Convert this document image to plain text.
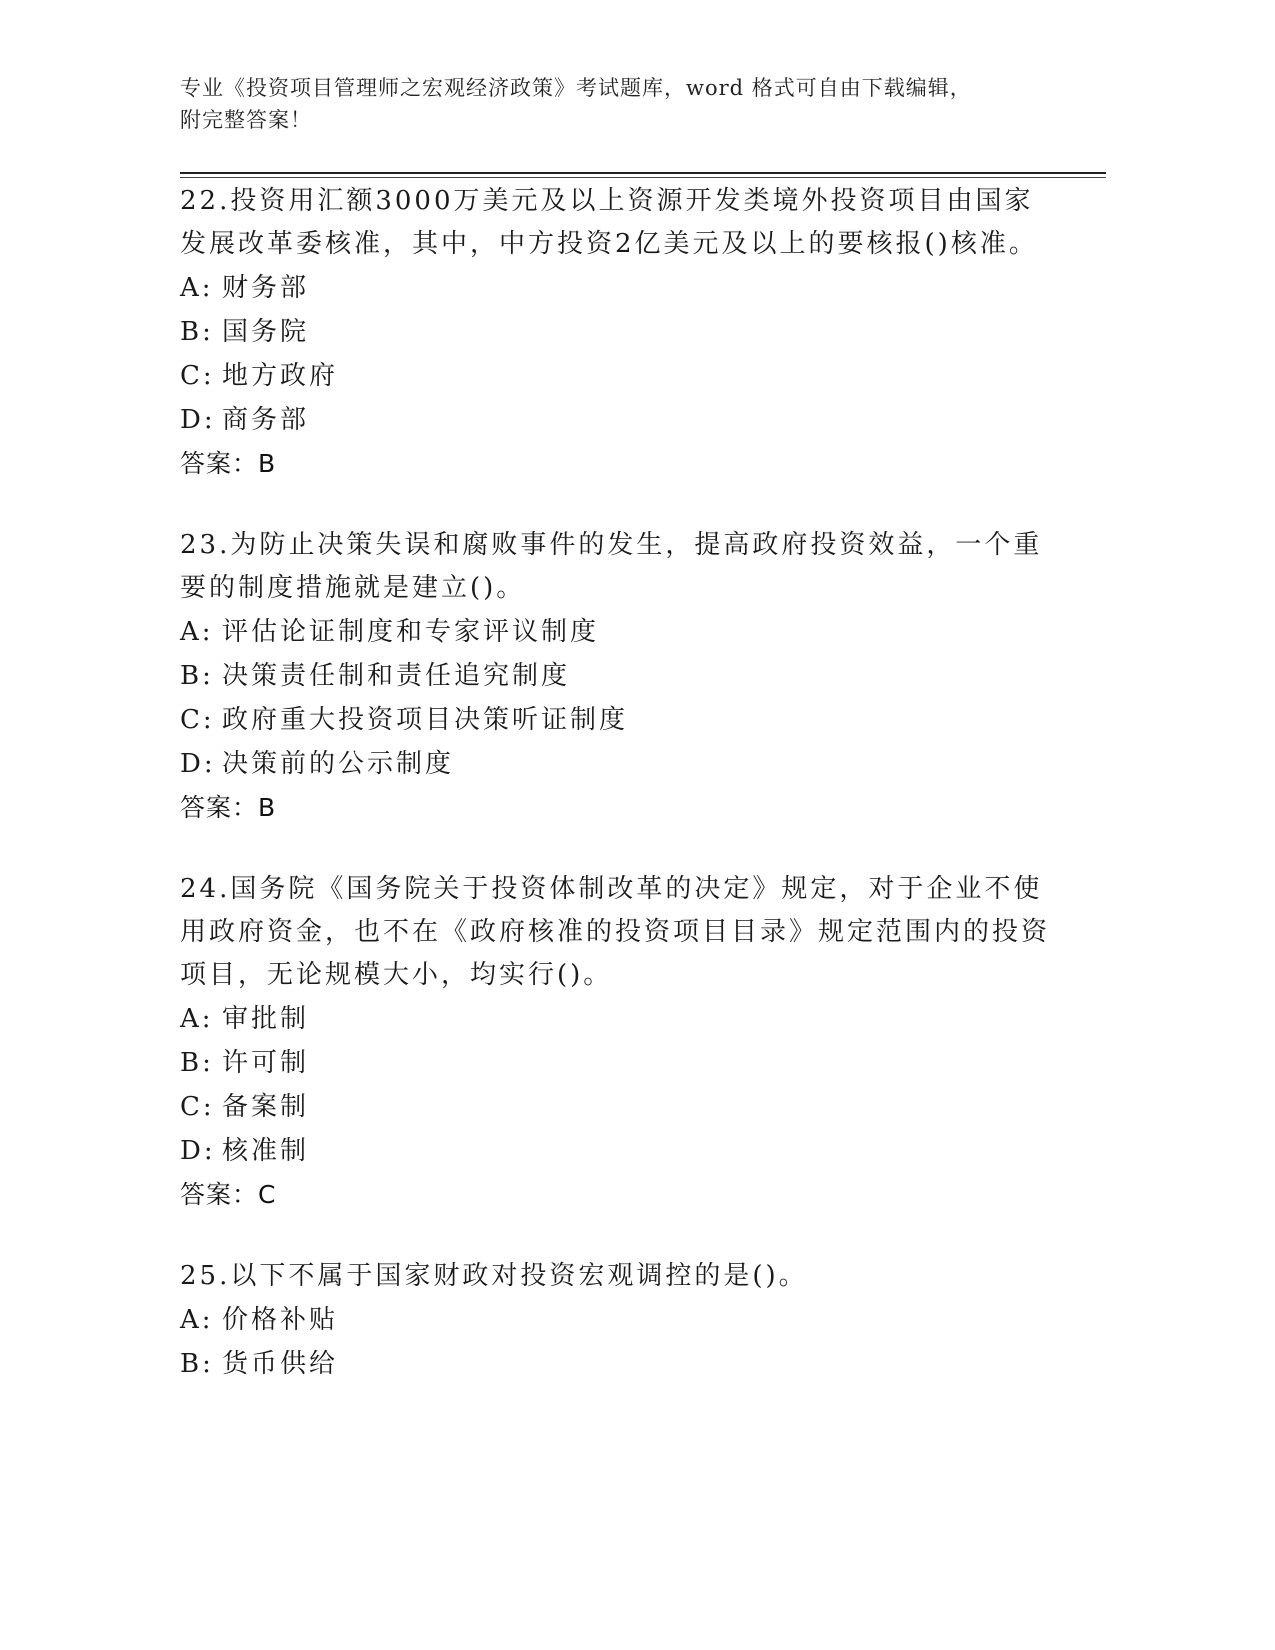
专业《投资项目管理师之宏观经济政策》考试题库，word 格式可自由下载编辑，
附完整答案！

22.投资用汇额3000万美元及以上资源开发类境外投资项目由国家发展改革委核准，其中，中方投资2亿美元及以上的要核报()核准。

A: 财务部

B: 国务院

C: 地方政府

D: 商务部

答案：B

23.为防止决策失误和腐败事件的发生，提高政府投资效益，一个重要的制度措施就是建立()。

A: 评估论证制度和专家评议制度

B: 决策责任制和责任追究制度

C: 政府重大投资项目决策听证制度

D: 决策前的公示制度

答案：B

24.国务院《国务院关于投资体制改革的决定》规定，对于企业不使用政府资金，也不在《政府核准的投资项目目录》规定范围内的投资项目，无论规模大小，均实行()。

A: 审批制

B: 许可制

C: 备案制

D: 核准制

答案：C

25.以下不属于国家财政对投资宏观调控的是()。

A: 价格补贴

B: 货币供给
